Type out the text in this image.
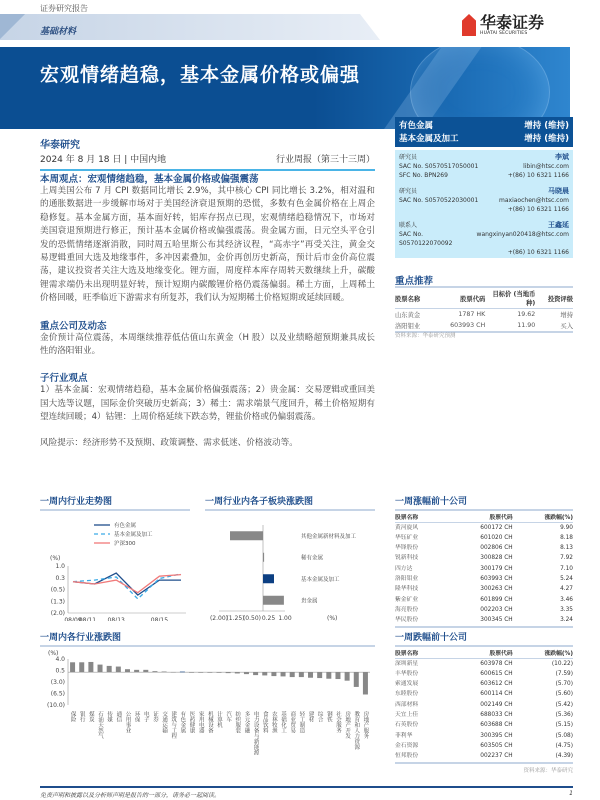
证券研究报告
基础材料
华泰证券
HUATAI SECURITIES
宏观情绪趋稳，基本金属价格或偏强
华泰研究
2024 年 8 月 18 日 | 中国内地	行业周报（第三十三周）
本周观点：宏观情绪趋稳，基本金属价格或偏强震荡
上周美国公布 7 月 CPI 数据同比增长 2.9%，其中核心 CPI 同比增长 3.2%，相对温和的通胀数据进一步缓解市场对于美国经济衰退预期的恐慌，多数有色金属价格在上周企稳修复。基本金属方面，基本面好转，铝库存拐点已现，宏观情绪趋稳情况下，市场对美国衰退预期进行修正，预计基本金属价格或偏强震荡。贵金属方面，日元空头平仓引发的恐慌情绪逐渐消散，同时周五哈里斯公布其经济议程，“高赤字”再受关注，黄金交易逻辑重回大选及地缘事件，多冲因素叠加，金价再创历史新高，预计后市金价高位震荡，建议投资者关注大选及地缘变化。锂方面，周度样本库存周转天数继续上升，碳酸锂需求端仍未出现明显好转，预计短期内碳酸锂价格仍震荡偏弱。稀土方面，上周稀土价格回暖，旺季临近下游需求有所复苏，我们认为短期稀土价格短期或延续回暖。
重点公司及动态
金价预计高位震荡，本周继续推荐低估值山东黄金（H 股）以及业绩略超预期兼具成长性的洛阳钼业。
子行业观点
1）基本金属：宏观情绪趋稳，基本金属价格偏强震荡；2）贵金属：交易逻辑或重回美国大选等议题，国际金价突破历史新高；3）稀土：需求端景气度回升，稀土价格短期有望连续回暖；4）钴锂：上周价格延续下跌态势，锂盐价格或仍偏弱震荡。
风险提示：经济形势不及预期、政策调整、需求低迷、价格波动等。
有色金属	增持 (维持)
基本金属及加工	增持 (维持)
研究员	李斌
SAC No. S0570517050001	libin@htsc.com
SFC No. BPN269	+(86) 10 6321 1166
研究员	马晓晨
SAC No. S0570522030001	maxiaochen@htsc.com
+(86) 10 6321 1166
联系人	王鑫延
SAC No. S0570122070092
wangxinyan020418@htsc.com
+(86) 10 6321 1166
重点推荐
股票名称	股票代码	目标价 (当地币种)	投资评级
山东黄金	1787 HK	19.62	增持
洛阳钼业	603993 CH	11.90	买入
资料来源：华泰研究预测
一周内行业走势图
(%)
1.0
0.3
(0.5)
(1.3)
(2.0)
08/09
08/11 08/13	08/15
有色金属
基本金属及加工
沪深300
一周行业内各子板块涨跌图
其他金属新材料及加工
稀有金属
基本金属及加工
贵金属
(2.00)
(1.25)
(0.50) 0.25 1.00	(%)
一周内各行业涨跌图
(%)
4.0
0.5
(3.0)
(6.5)
(10.0)
保险 银行 煤炭 石油天然气 传媒 通信 公用事业 环保 电子 证券 交通运输 建筑与工程 有色金属 医药健康 家用电器 机械设备 计算机 汽车 纺织服装 多元金融 电力设备与新能源 食品饮料 农林牧渔 基础化工 商业贸易 轻工制造 建材 综合 钢铁 社会服务 房地产开发 教育和人力资源 房地产服务
一周涨幅前十公司
股票名称	股票代码	涨跌幅(%)
黄河旋风	600172 CH	9.90
华钰矿业	601020 CH	8.18
华锋股份	002806 CH	8.13
锐新科技	300828 CH	7.92
四方达	300179 CH	7.10
洛阳钼业	603993 CH	5.24
隆华科技	300263 CH	4.27
紫金矿业	601899 CH	3.46
海亮股份	002203 CH	3.35
华民股份	300345 CH	3.24
一周跌幅前十公司
股票名称	股票代码	涨跌幅(%)
深圳新星	603978 CH	(10.22)
丰华股份	600615 CH	(7.59)
索通发展	603612 CH	(5.70)
东睦股份	600114 CH	(5.60)
西部材料	002149 CH	(5.42)
天宜上佳	688033 CH	(5.36)
石英股份	603688 CH	(5.15)
菲利华	300395 CH	(5.08)
金石资源	603505 CH	(4.75)
恒邦股份	002237 CH	(4.39)
资料来源：华泰研究
免责声明和披露以及分析师声明是报告的一部分，请务必一起阅读。	1
